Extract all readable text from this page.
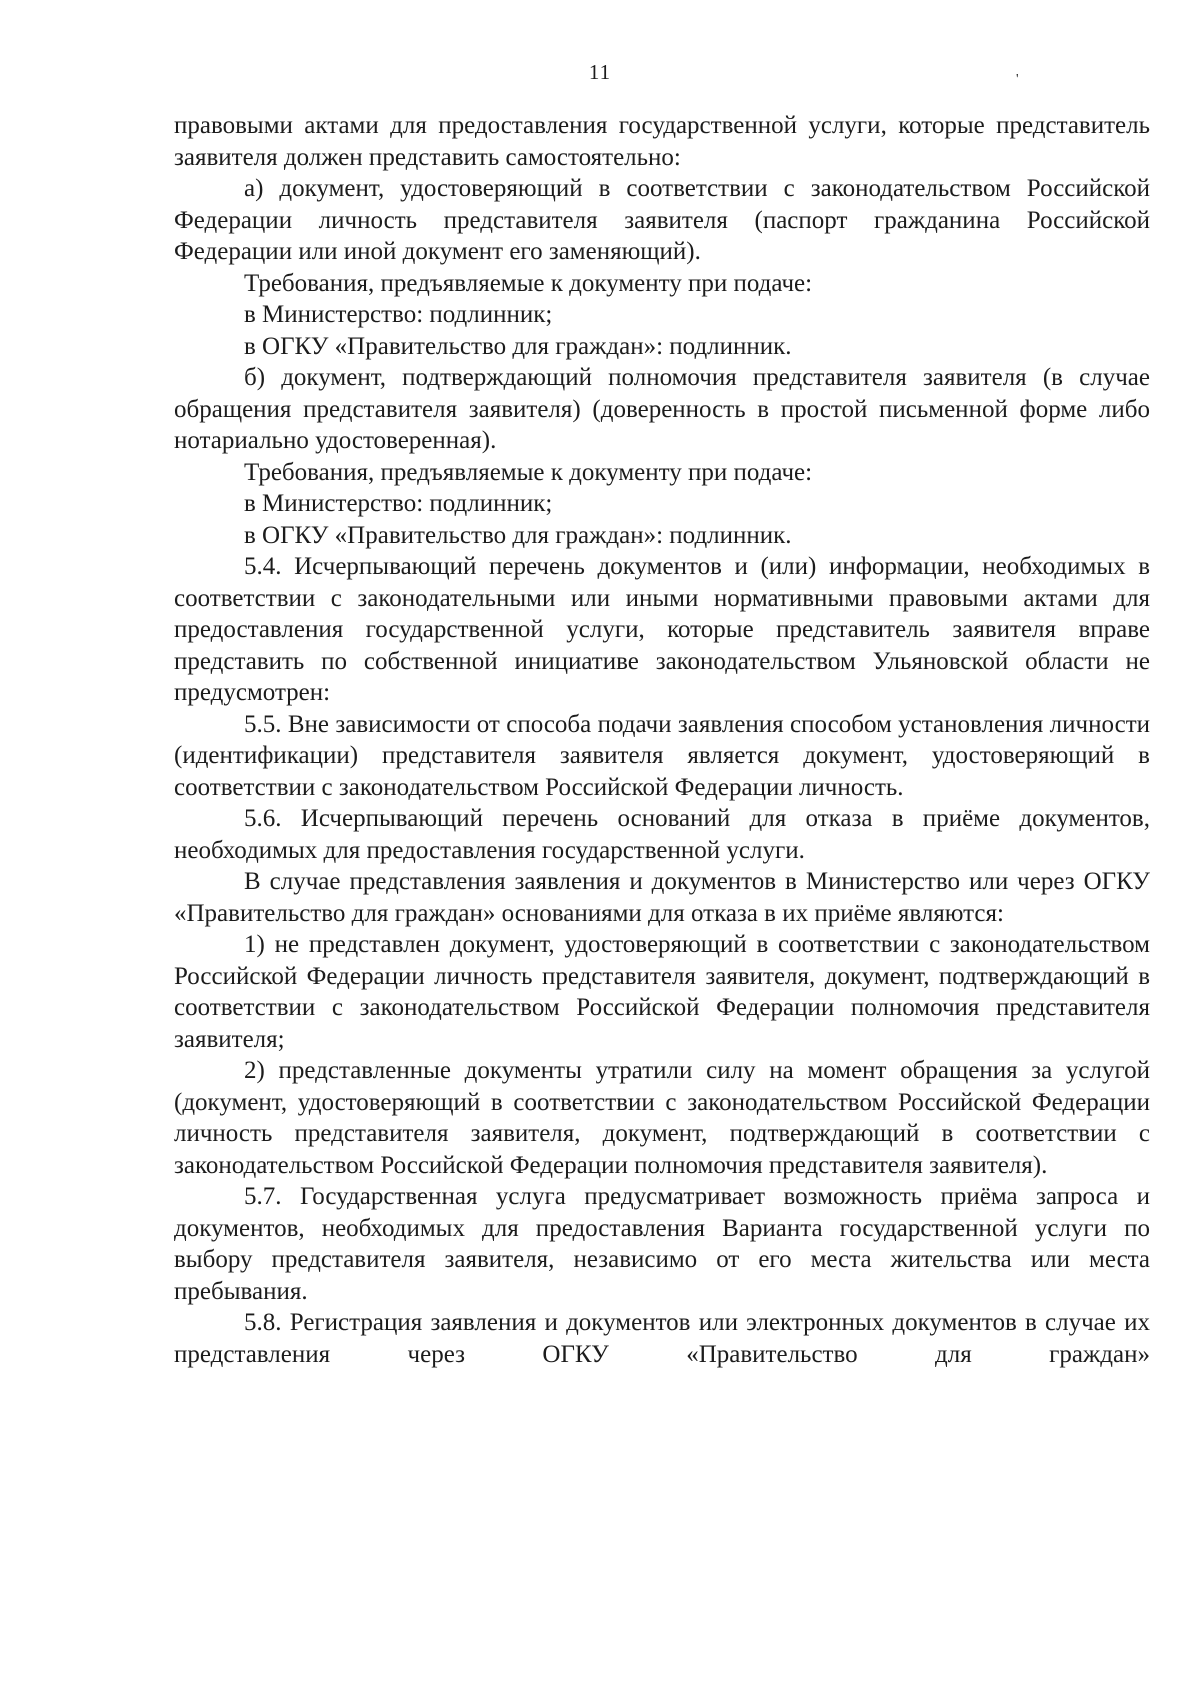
11	'

правовыми актами для предоставления государственной услуги, которые представитель заявителя должен представить самостоятельно:

а) документ, удостоверяющий в соответствии с законодательством Российской Федерации личность представителя заявителя (паспорт гражданина Российской Федерации или иной документ его заменяющий).

Требования, предъявляемые к документу при подаче:

в Министерство: подлинник;

в ОГКУ «Правительство для граждан»: подлинник.

б) документ, подтверждающий полномочия представителя заявителя (в случае обращения представителя заявителя) (доверенность в простой письменной форме либо нотариально удостоверенная).

Требования, предъявляемые к документу при подаче:

в Министерство: подлинник;

в ОГКУ «Правительство для граждан»: подлинник.

5.4. Исчерпывающий перечень документов и (или) информации, необходимых в соответствии с законодательными или иными нормативными правовыми актами для предоставления государственной услуги, которые представитель заявителя вправе представить по собственной инициативе законодательством Ульяновской области не предусмотрен:

5.5. Вне зависимости от способа подачи заявления способом установления личности (идентификации) представителя заявителя является документ, удостоверяющий в соответствии с законодательством Российской Федерации личность.

5.6. Исчерпывающий перечень оснований для отказа в приёме документов, необходимых для предоставления государственной услуги.

В случае представления заявления и документов в Министерство или через ОГКУ «Правительство для граждан» основаниями для отказа в их приёме являются:

1) не представлен документ, удостоверяющий в соответствии с законодательством Российской Федерации личность представителя заявителя, документ, подтверждающий в соответствии с законодательством Российской Федерации полномочия представителя заявителя;

2) представленные документы утратили силу на момент обращения за услугой (документ, удостоверяющий в соответствии с законодательством Российской Федерации личность представителя заявителя, документ, подтверждающий в соответствии с законодательством Российской Федерации полномочия представителя заявителя).

5.7. Государственная услуга предусматривает возможность приёма запроса и документов, необходимых для предоставления Варианта государственной услуги по выбору представителя заявителя, независимо от его места жительства или места пребывания.

5.8. Регистрация заявления и документов или электронных документов в случае их представления через ОГКУ «Правительство для граждан»
